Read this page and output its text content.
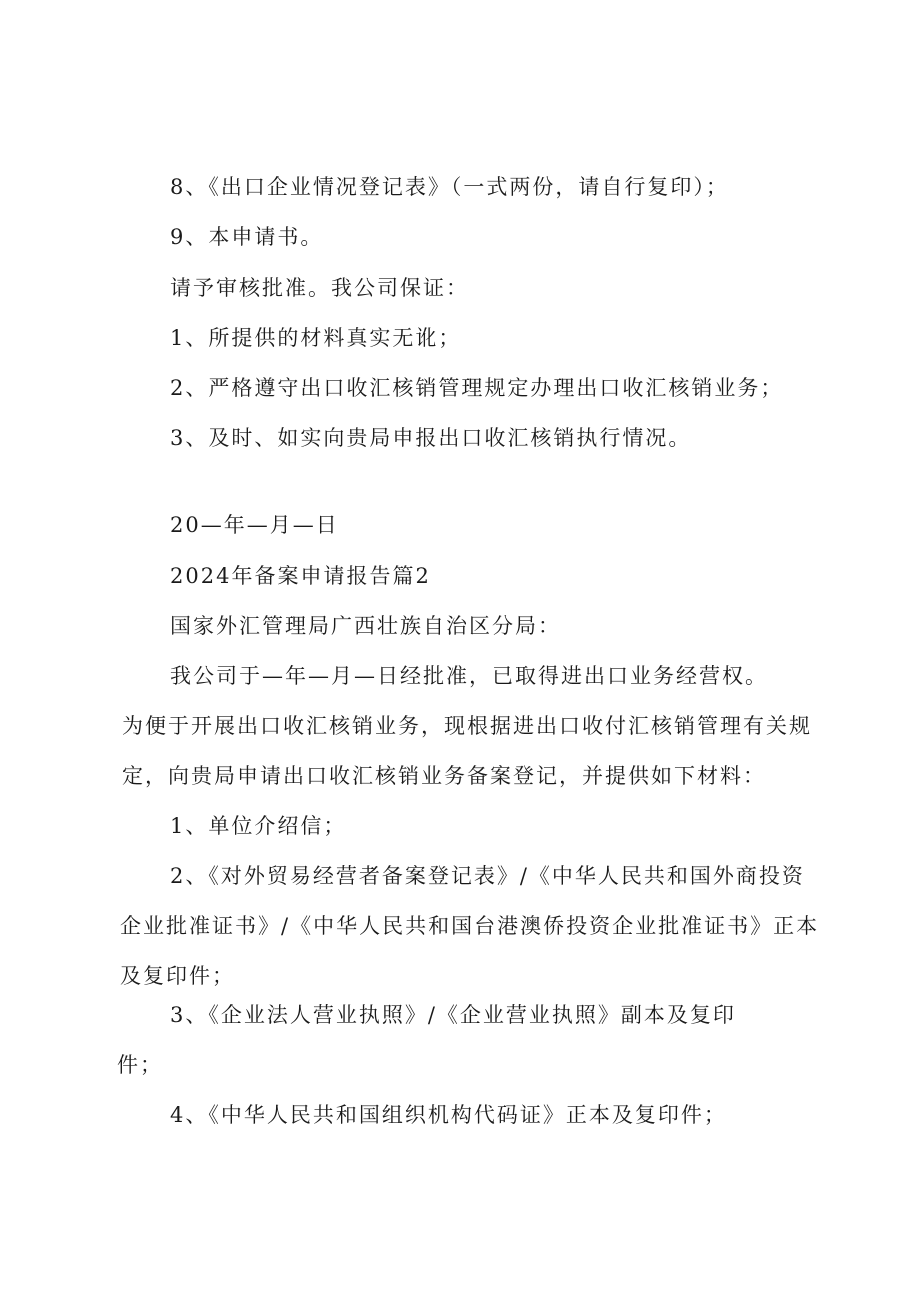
8、《出口企业情况登记表》（一式两份，请自行复印）；
9、本申请书。
请予审核批准。我公司保证：
1、所提供的材料真实无讹；
2、严格遵守出口收汇核销管理规定办理出口收汇核销业务；
3、及时、如实向贵局申报出口收汇核销执行情况。
20—年—月—日
2024年备案申请报告篇2
国家外汇管理局广西壮族自治区分局：
我公司于—年—月—日经批准，已取得进出口业务经营权。
为便于开展出口收汇核销业务，现根据进出口收付汇核销管理有关规
定，向贵局申请出口收汇核销业务备案登记，并提供如下材料：
1、单位介绍信；
2、《对外贸易经营者备案登记表》/《中华人民共和国外商投资
企业批准证书》/《中华人民共和国台港澳侨投资企业批准证书》正本
及复印件；
3、《企业法人营业执照》/《企业营业执照》副本及复印
件；
4、《中华人民共和国组织机构代码证》正本及复印件；
